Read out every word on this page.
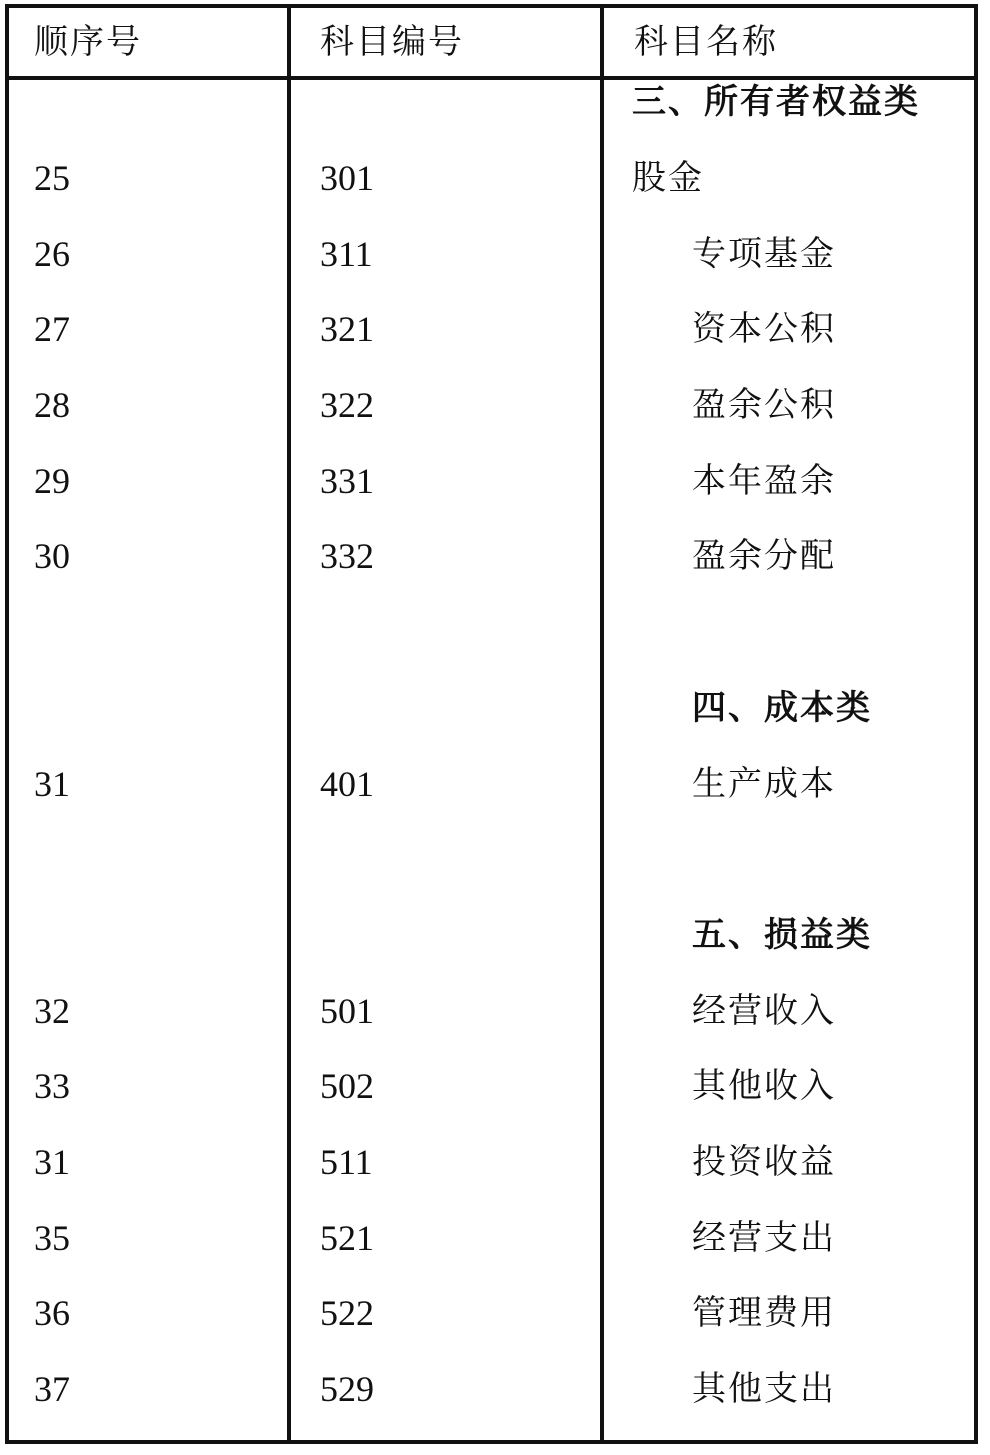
顺序号	科目编号	科目名称
三、所有者权益类
25	301	股金
26	311	专项基金
27	321	资本公积
28	322	盈余公积
29	331	本年盈余
30	332	盈余分配
四、成本类
31	401	生产成本
五、损益类
32	501	经营收入
33	502	其他收入
31	511	投资收益
35	521	经营支出
36	522	管理费用
37	529	其他支出
